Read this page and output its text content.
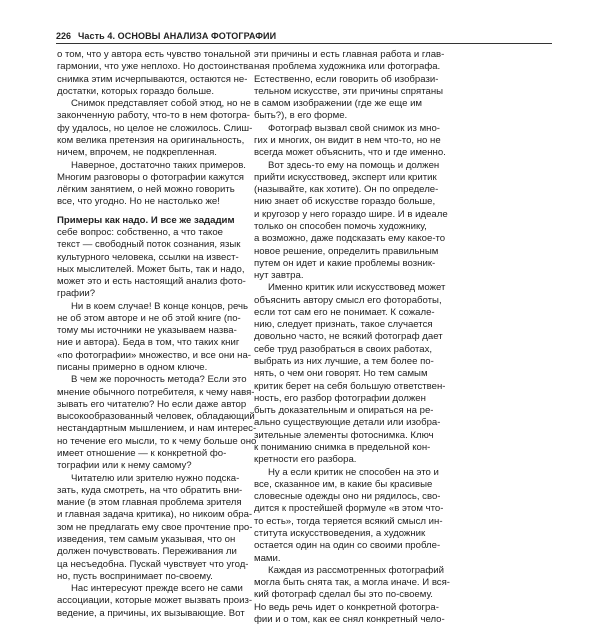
226 Часть 4. ОСНОВЫ АНАЛИЗА ФОТОГРАФИИ
о том, что у автора есть чувство тональной
гармонии, что уже неплохо. Но достоинства
снимка этим исчерпываются, остаются не-
достатки, которых гораздо больше.
Снимок представляет собой этюд, но не
законченную работу, что-то в нем фотогра-
фу удалось, но целое не сложилось. Слиш-
ком велика претензия на оригинальность,
ничем, впрочем, не подкрепленная.
Наверное, достаточно таких примеров.
Многим разговоры о фотографии кажутся
лёгким занятием, о ней можно говорить
все, что угодно. Но не настолько же!
Примеры как надо. И все же зададим
себе вопрос: собственно, а что такое
текст — свободный поток сознания, язык
культурного человека, ссылки на извест-
ных мыслителей. Может быть, так и надо,
может это и есть настоящий анализ фото-
графии?
Ни в коем случае! В конце концов, речь
не об этом авторе и не об этой книге (по-
тому мы источники не указываем назва-
ние и автора). Беда в том, что таких книг
«по фотографии» множество, и все они на-
писаны примерно в одном ключе.
В чем же порочность метода? Если это
мнение обычного потребителя, к чему навя-
зывать его читателю? Но если даже автор
высокообразованный человек, обладающий
нестандартным мышлением, и нам интерес-
но течение его мысли, то к чему больше оно
имеет отношение — к конкретной фо-
тографии или к нему самому?
Читателю или зрителю нужно подска-
зать, куда смотреть, на что обратить вни-
мание (в этом главная проблема зрителя
и главная задача критика), но никоим обра-
зом не предлагать ему свое прочтение про-
изведения, тем самым указывая, что он
должен почувствовать. Переживания ли
ца несъедобна. Пускай чувствует что угод-
но, пусть воспринимает по-своему.
Нас интересуют прежде всего не сами
ассоциации, которые может вызвать произ-
ведение, а причины, их вызывающие. Вот
эти причины и есть главная работа и глав-
ная проблема художника или фотографа.
Естественно, если говорить об изобрази-
тельном искусстве, эти причины спрятаны
в самом изображении (где же еще им
быть?), в его форме.
Фотограф вызвал свой снимок из мно-
гих и многих, он видит в нем что-то, но не
всегда может объяснить, что и где именно.
Вот здесь-то ему на помощь и должен
прийти искусствовед, эксперт или критик
(называйте, как хотите). Он по определе-
нию знает об искусстве гораздо больше,
и кругозор у него гораздо шире. И в идеале
только он способен помочь художнику,
а возможно, даже подсказать ему какое-то
новое решение, определить правильным
путем он идет и какие проблемы возник-
нут завтра.
Именно критик или искусствовед может
объяснить автору смысл его фотоработы,
если тот сам его не понимает. К сожале-
нию, следует признать, такое случается
довольно часто, не всякий фотограф дает
себе труд разобраться в своих работах,
выбрать из них лучшие, а тем более по-
нять, о чем они говорят. Но тем самым
критик берет на себя большую ответствен-
ность, его разбор фотографии должен
быть доказательным и опираться на ре-
ально существующие детали или изобра-
зительные элементы фотоснимка. Ключ
к пониманию снимка в предельной кон-
кретности его разбора.
Ну а если критик не способен на это и
все, сказанное им, в какие бы красивые
словесные одежды оно ни рядилось, сво-
дится к простейшей формуле «в этом что-
то есть», тогда теряется всякий смысл ин-
ститута искусствоведения, а художник
остается один на один со своими пробле-
мами.
Каждая из рассмотренных фотографий
могла быть снята так, а могла иначе. И вся-
кий фотограф сделал бы это по-своему.
Но ведь речь идет о конкретной фотогра-
фии и о том, как ее снял конкретный чело-
